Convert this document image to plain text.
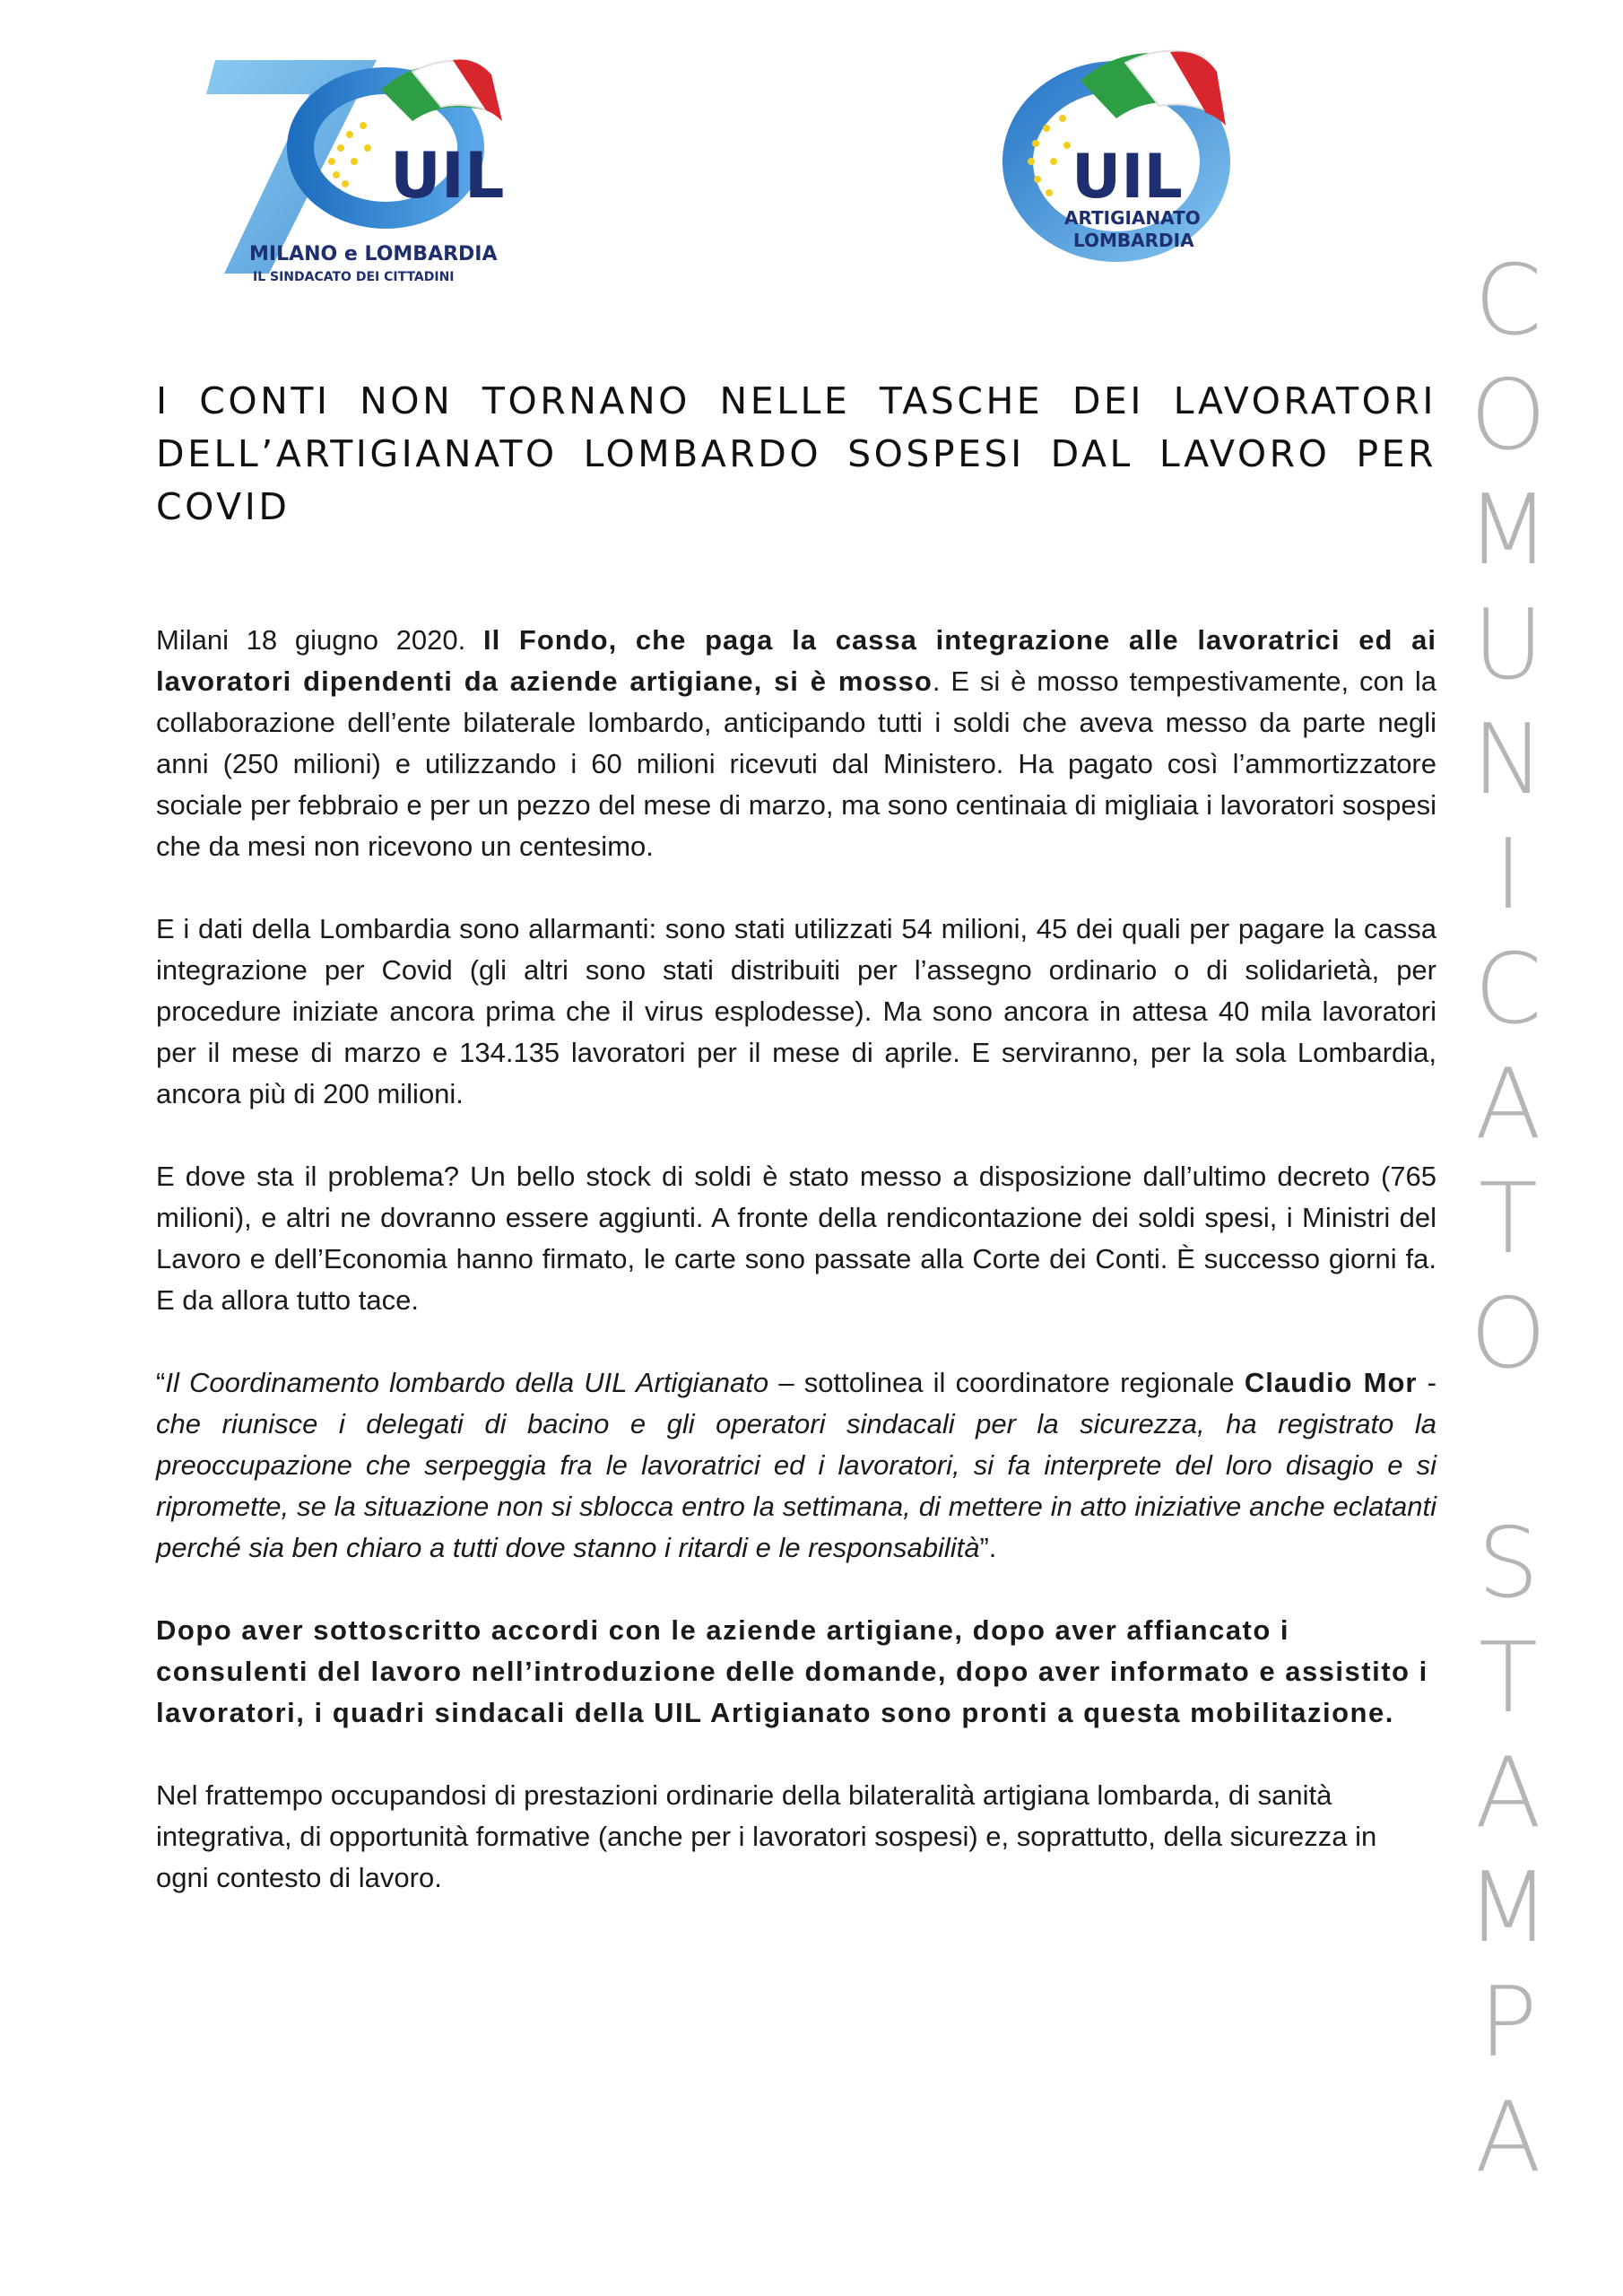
UIL
MILANO e LOMBARDIA
IL SINDACATO DEI CITTADINI
UIL
ARTIGIANATO
LOMBARDIA
C
O
M
U
N
I
C
A
T
O
S
T
A
M
P
A
I CONTI NON TORNANO NELLE TASCHE DEI LAVORATORI DELL’ARTIGIANATO LOMBARDO SOSPESI DAL LAVORO PER COVID

Milani 18 giugno 2020. Il Fondo, che paga la cassa integrazione alle lavoratrici ed ai lavoratori dipendenti da aziende artigiane, si è mosso. E si è mosso tempestivamente, con la collaborazione dell’ente bilaterale lombardo, anticipando tutti i soldi che aveva messo da parte negli anni (250 milioni) e utilizzando i 60 milioni ricevuti dal Ministero. Ha pagato così l’ammortizzatore sociale per febbraio e per un pezzo del mese di marzo, ma sono centinaia di migliaia i lavoratori sospesi che da mesi non ricevono un centesimo.

E i dati della Lombardia sono allarmanti: sono stati utilizzati 54 milioni, 45 dei quali per pagare la cassa integrazione per Covid (gli altri sono stati distribuiti per l’assegno ordinario o di solidarietà, per procedure iniziate ancora prima che il virus esplodesse). Ma sono ancora in attesa 40 mila lavoratori per il mese di marzo e 134.135 lavoratori per il mese di aprile. E serviranno, per la sola Lombardia, ancora più di 200 milioni.

E dove sta il problema? Un bello stock di soldi è stato messo a disposizione dall’ultimo decreto (765 milioni), e altri ne dovranno essere aggiunti. A fronte della rendicontazione dei soldi spesi, i Ministri del Lavoro e dell’Economia hanno firmato, le carte sono passate alla Corte dei Conti. È successo giorni fa. E da allora tutto tace.

“Il Coordinamento lombardo della UIL Artigianato – sottolinea il coordinatore regionale Claudio Mor - che riunisce i delegati di bacino e gli operatori sindacali per la sicurezza, ha registrato la preoccupazione che serpeggia fra le lavoratrici ed i lavoratori, si fa interprete del loro disagio e si ripromette, se la situazione non si sblocca entro la settimana, di mettere in atto iniziative anche eclatanti perché sia ben chiaro a tutti dove stanno i ritardi e le responsabilità”.

Dopo aver sottoscritto accordi con le aziende artigiane, dopo aver affiancato i consulenti del lavoro nell’introduzione delle domande, dopo aver informato e assistito i lavoratori, i quadri sindacali della UIL Artigianato sono pronti a questa mobilitazione.

Nel frattempo occupandosi di prestazioni ordinarie della bilateralità artigiana lombarda, di sanità integrativa, di opportunità formative (anche per i lavoratori sospesi) e, soprattutto, della sicurezza in ogni contesto di lavoro.
